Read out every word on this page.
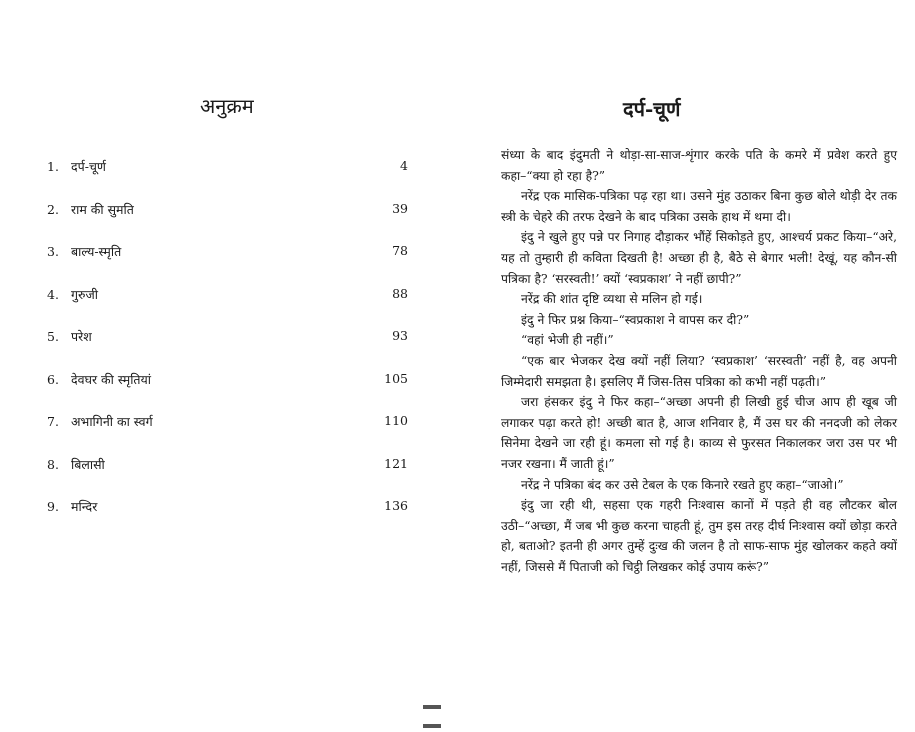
अनुक्रम
1. दर्प-चूर्ण	4
2. राम की सुमति	39
3. बाल्य-स्मृति	78
4. गुरुजी	88
5. परेश	93
6. देवघर की स्मृतियां	105
7. अभागिनी का स्वर्ग	110
8. बिलासी	121
9. मन्दिर	136
दर्प-चूर्ण

संध्या के बाद इंदुमती ने थोड़ा-सा-साज-शृंगार करके पति के कमरे में प्रवेश करते हुए कहा–“क्या हो रहा है?”

नरेंद्र एक मासिक-पत्रिका पढ़ रहा था। उसने मुंह उठाकर बिना कुछ बोले थोड़ी देर तक स्त्री के चेहरे की तरफ देखने के बाद पत्रिका उसके हाथ में थमा दी।

इंदु ने खुले हुए पन्ने पर निगाह दौड़ाकर भौंहें सिकोड़ते हुए, आश्चर्य प्रकट किया–“अरे, यह तो तुम्हारी ही कविता दिखती है! अच्छा ही है, बैठे से बेगार भली! देखूं, यह कौन-सी पत्रिका है? ‘सरस्वती!’ क्यों ‘स्वप्रकाश’ ने नहीं छापी?”

नरेंद्र की शांत दृष्टि व्यथा से मलिन हो गई।

इंदु ने फिर प्रश्न किया–“स्वप्रकाश ने वापस कर दी?”

“वहां भेजी ही नहीं।”

“एक बार भेजकर देख क्यों नहीं लिया? ‘स्वप्रकाश’ ‘सरस्वती’ नहीं है, वह अपनी जिम्मेदारी समझता है। इसलिए मैं जिस-तिस पत्रिका को कभी नहीं पढ़ती।”

जरा हंसकर इंदु ने फिर कहा–“अच्छा अपनी ही लिखी हुई चीज आप ही खूब जी लगाकर पढ़ा करते हो! अच्छी बात है, आज शनिवार है, मैं उस घर की ननदजी को लेकर सिनेमा देखने जा रही हूं। कमला सो गई है। काव्य से फुरसत निकालकर जरा उस पर भी नजर रखना। मैं जाती हूं।”

नरेंद्र ने पत्रिका बंद कर उसे टेबल के एक किनारे रखते हुए कहा–“जाओ।”

इंदु जा रही थी, सहसा एक गहरी निःश्वास कानों में पड़ते ही वह लौटकर बोल उठी–“अच्छा, मैं जब भी कुछ करना चाहती हूं, तुम इस तरह दीर्घ निःश्वास क्यों छोड़ा करते हो, बताओ? इतनी ही अगर तुम्हें दुःख की जलन है तो साफ-साफ मुंह खोलकर कहते क्यों नहीं, जिससे मैं पिताजी को चिट्ठी लिखकर कोई उपाय करूं?”
